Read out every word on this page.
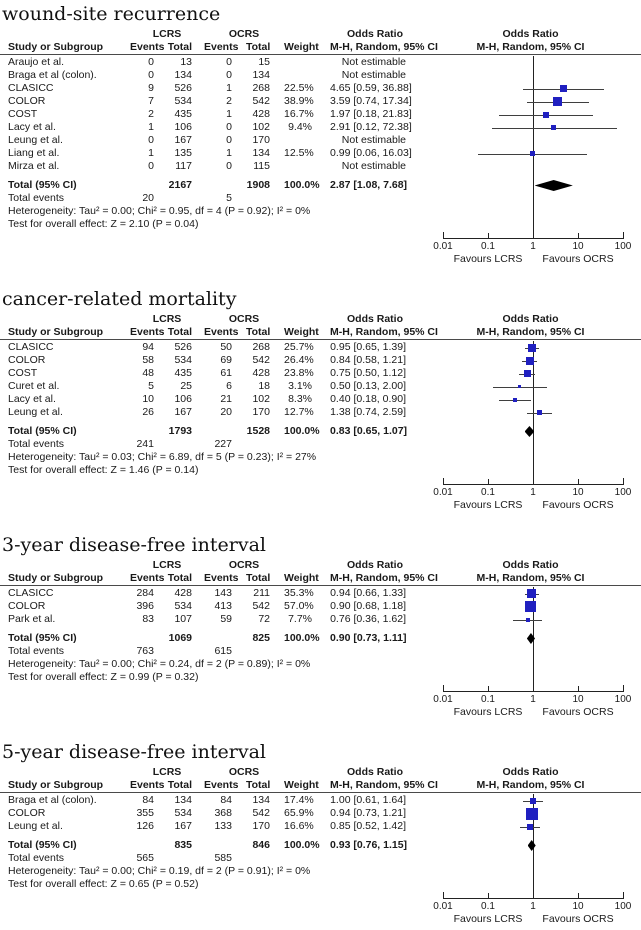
wound-site recurrence
LCRS	OCRS	Odds Ratio
Study or Subgroup	Events Total	Events Total	Weight	M-H, Random, 95% CI
Araujo et al.	0	13	0	15	Not estimable
Braga et al (colon).	0	134	0	134	Not estimable
CLASICC	9	526	1	268	22.5%	4.65 [0.59, 36.88]
COLOR	7	534	2	542	38.9%	3.59 [0.74, 17.34]
COST	2	435	1	428	16.7%	1.97 [0.18, 21.83]
Lacy et al.	1	106	0	102	9.4%	2.91 [0.12, 72.38]
Leung et al.	0	167	0	170	Not estimable
Liang et al.	1	135	1	134	12.5%	0.99 [0.06, 16.03]
Mirza et al.	0	117	0	115	Not estimable
Total (95% CI)	2167	1908	100.0% 2.87 [1.08, 7.68]
Total events	20	5
Heterogeneity: Tau² = 0.00; Chi² = 0.95, df = 4 (P = 0.92); I² = 0%
Test for overall effect: Z = 2.10 (P = 0.04)
Odds Ratio
M-H, Random, 95% CI
0.01	0.1	1	10	100
Favours LCRS	Favours OCRS
cancer-related mortality
LCRS	OCRS	Odds Ratio
Study or Subgroup	Events Total	Events Total	Weight	M-H, Random, 95% CI
CLASICC	94	526	50	268	25.7%	0.95 [0.65, 1.39]
COLOR	58	534	69	542	26.4%	0.84 [0.58, 1.21]
COST	48	435	61	428	23.8%	0.75 [0.50, 1.12]
Curet et al.	5	25	6	18	3.1%	0.50 [0.13, 2.00]
Lacy et al.	10	106	21	102	8.3%	0.40 [0.18, 0.90]
Leung et al.	26	167	20	170	12.7%	1.38 [0.74, 2.59]
Total (95% CI)	1793	1528	100.0% 0.83 [0.65, 1.07]
Total events	241	227
Heterogeneity: Tau² = 0.03; Chi² = 6.89, df = 5 (P = 0.23); I² = 27%
Test for overall effect: Z = 1.46 (P = 0.14)
Odds Ratio
M-H, Random, 95% CI
0.01	0.1	1	10	100
Favours LCRS	Favours OCRS
3-year disease-free interval
LCRS	OCRS	Odds Ratio
Study or Subgroup	Events Total	Events Total	Weight	M-H, Random, 95% CI
CLASICC	284	428	143	211	35.3%	0.94 [0.66, 1.33]
COLOR	396	534	413	542	57.0%	0.90 [0.68, 1.18]
Park et al.	83	107	59	72	7.7%	0.76 [0.36, 1.62]
Total (95% CI)	1069	825	100.0% 0.90 [0.73, 1.11]
Total events	763	615
Heterogeneity: Tau² = 0.00; Chi² = 0.24, df = 2 (P = 0.89); I² = 0%
Test for overall effect: Z = 0.99 (P = 0.32)
Odds Ratio
M-H, Random, 95% CI
0.01	0.1	1	10	100
Favours LCRS	Favours OCRS
5-year disease-free interval
LCRS	OCRS	Odds Ratio
Study or Subgroup	Events Total	Events Total	Weight	M-H, Random, 95% CI
Braga et al (colon).	84	134	84	134	17.4%	1.00 [0.61, 1.64]
COLOR	355	534	368	542	65.9%	0.94 [0.73, 1.21]
Leung et al.	126	167	133	170	16.6%	0.85 [0.52, 1.42]
Total (95% CI)	835	846	100.0% 0.93 [0.76, 1.15]
Total events	565	585
Heterogeneity: Tau² = 0.00; Chi² = 0.19, df = 2 (P = 0.91); I² = 0%
Test for overall effect: Z = 0.65 (P = 0.52)
Odds Ratio
M-H, Random, 95% CI
0.01	0.1	1	10	100
Favours LCRS	Favours OCRS
